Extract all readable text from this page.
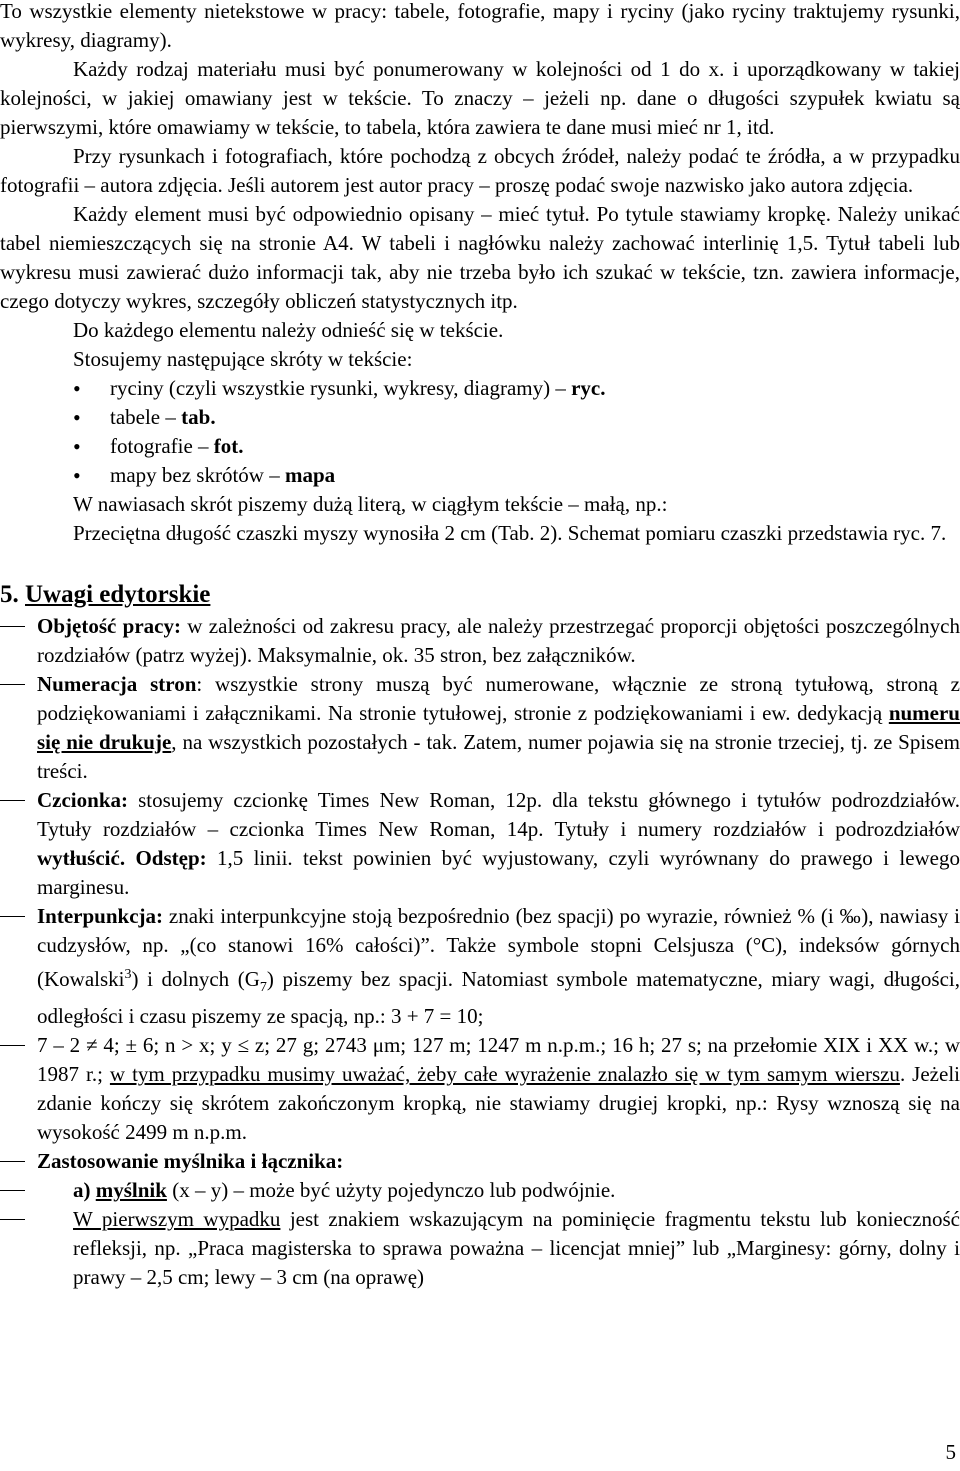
To wszystkie elementy nietekstowe w pracy: tabele, fotografie, mapy i ryciny (jako ryciny traktujemy rysunki, wykresy, diagramy).

Każdy rodzaj materiału musi być ponumerowany w kolejności od 1 do x. i uporządkowany w takiej kolejności, w jakiej omawiany jest w tekście. To znaczy – jeżeli np. dane o długości szypułek kwiatu są pierwszymi, które omawiamy w tekście, to tabela, która zawiera te dane musi mieć nr 1, itd.

Przy rysunkach i fotografiach, które pochodzą z obcych źródeł, należy podać te źródła, a w przypadku fotografii – autora zdjęcia. Jeśli autorem jest autor pracy – proszę podać swoje nazwisko jako autora zdjęcia.

Każdy element musi być odpowiednio opisany – mieć tytuł. Po tytule stawiamy kropkę. Należy unikać tabel niemieszczących się na stronie A4. W tabeli i nagłówku należy zachować interlinię 1,5. Tytuł tabeli lub wykresu musi zawierać dużo informacji tak, aby nie trzeba było ich szukać w tekście, tzn. zawiera informacje, czego dotyczy wykres, szczegóły obliczeń statystycznych itp.

Do każdego elementu należy odnieść się w tekście.

Stosujemy następujące skróty w tekście:

• ryciny (czyli wszystkie rysunki, wykresy, diagramy) – ryc.
• tabele – tab.
• fotografie – fot.
• mapy bez skrótów – mapa

W nawiasach skrót piszemy dużą literą, w ciągłym tekście – małą, np.:

Przeciętna długość czaszki myszy wynosiła 2 cm (Tab. 2). Schemat pomiaru czaszki przedstawia ryc. 7.

5. Uwagi edytorskie
Objętość pracy: w zależności od zakresu pracy, ale należy przestrzegać proporcji objętości poszczególnych rozdziałów (patrz wyżej). Maksymalnie, ok. 35 stron, bez załączników.
Numeracja stron: wszystkie strony muszą być numerowane, włącznie ze stroną tytułową, stroną z podziękowaniami i załącznikami. Na stronie tytułowej, stronie z podziękowaniami i ew. dedykacją numeru się nie drukuje, na wszystkich pozostałych - tak. Zatem, numer pojawia się na stronie trzeciej, tj. ze Spisem treści.
Czcionka: stosujemy czcionkę Times New Roman, 12p. dla tekstu głównego i tytułów podrozdziałów. Tytuły rozdziałów – czcionka Times New Roman, 14p. Tytuły i numery rozdziałów i podrozdziałów wytłuścić. Odstęp: 1,5 linii. tekst powinien być wyjustowany, czyli wyrównany do prawego i lewego marginesu.
Interpunkcja: znaki interpunkcyjne stoją bezpośrednio (bez spacji) po wyrazie, również % (i ‰), nawiasy i cudzysłów, np. „(co stanowi 16% całości)”. Także symbole stopni Celsjusza (°C), indeksów górnych (Kowalski$^3$) i dolnych $(G_7)$ piszemy bez spacji. Natomiast symbole matematyczne, miary wagi, długości, odległości i czasu piszemy ze spacją, np.: 3 + 7 = 10;
7 – 2 ≠ 4; ± 6; n > x; y ≤ z; 27 g; 2743 μm; 127 m; 1247 m n.p.m.; 16 h; 27 s; na przełomie XIX i XX w.; w 1987 r.; w tym przypadku musimy uważać, żeby całe wyrażenie znalazło się w tym samym wierszu. Jeżeli zdanie kończy się skrótem zakończonym kropką, nie stawiamy drugiej kropki, np.: Rysy wznoszą się na wysokość 2499 m n.p.m.
Zastosowanie myślnika i łącznika:
a) myślnik (x – y) – może być użyty pojedynczo lub podwójnie.
W pierwszym wypadku jest znakiem wskazującym na pominięcie fragmentu tekstu lub konieczność refleksji, np. „Praca magisterska to sprawa poważna – licencjat mniej” lub „Marginesy: górny, dolny i prawy – 2,5 cm; lewy – 3 cm (na oprawę)
5
